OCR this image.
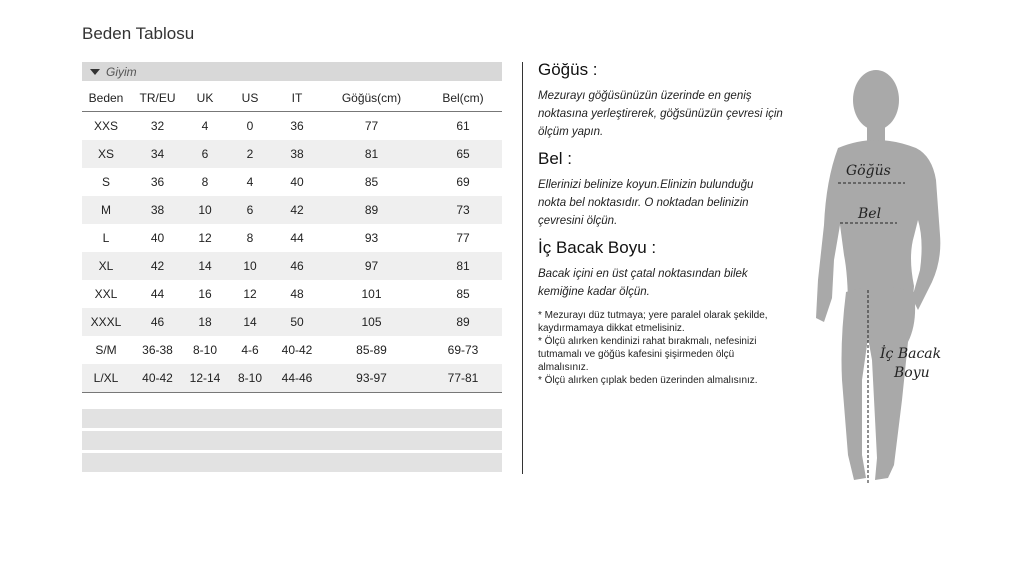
Beden Tablosu
Giyim
Beden	TR/EU	UK	US	IT	Göğüs(cm)	Bel(cm)
XXS	32	4	0	36	77	61
XS	34	6	2	38	81	65
S	36	8	4	40	85	69
M	38	10	6	42	89	73
L	40	12	8	44	93	77
XL	42	14	10	46	97	81
XXL	44	16	12	48	101	85
XXXL	46	18	14	50	105	89
S/M	36-38	8-10	4-6	40-42	85-89	69-73
L/XL	40-42	12-14	8-10	44-46	93-97	77-81
Göğüs :

Mezurayı göğüsünüzün üzerinde en geniş noktasına yerleştirerek, göğsünüzün çevresi için ölçüm yapın.

Bel :

Ellerinizi belinize koyun.Elinizin bulunduğu nokta bel noktasıdır. O noktadan belinizin çevresini ölçün.

İç Bacak Boyu :

Bacak içini en üst çatal noktasından bilek kemiğine kadar ölçün.

* Mezurayı düz tutmaya; yere paralel olarak şekilde, kaydırmamaya dikkat etmelisiniz.
* Ölçü alırken kendinizi rahat bırakmalı, nefesinizi tutmamalı ve göğüs kafesini şişirmeden ölçü almalısınız.
* Ölçü alırken çıplak beden üzerinden almalısınız.
Göğüs
Bel
İç Bacak
Boyu
